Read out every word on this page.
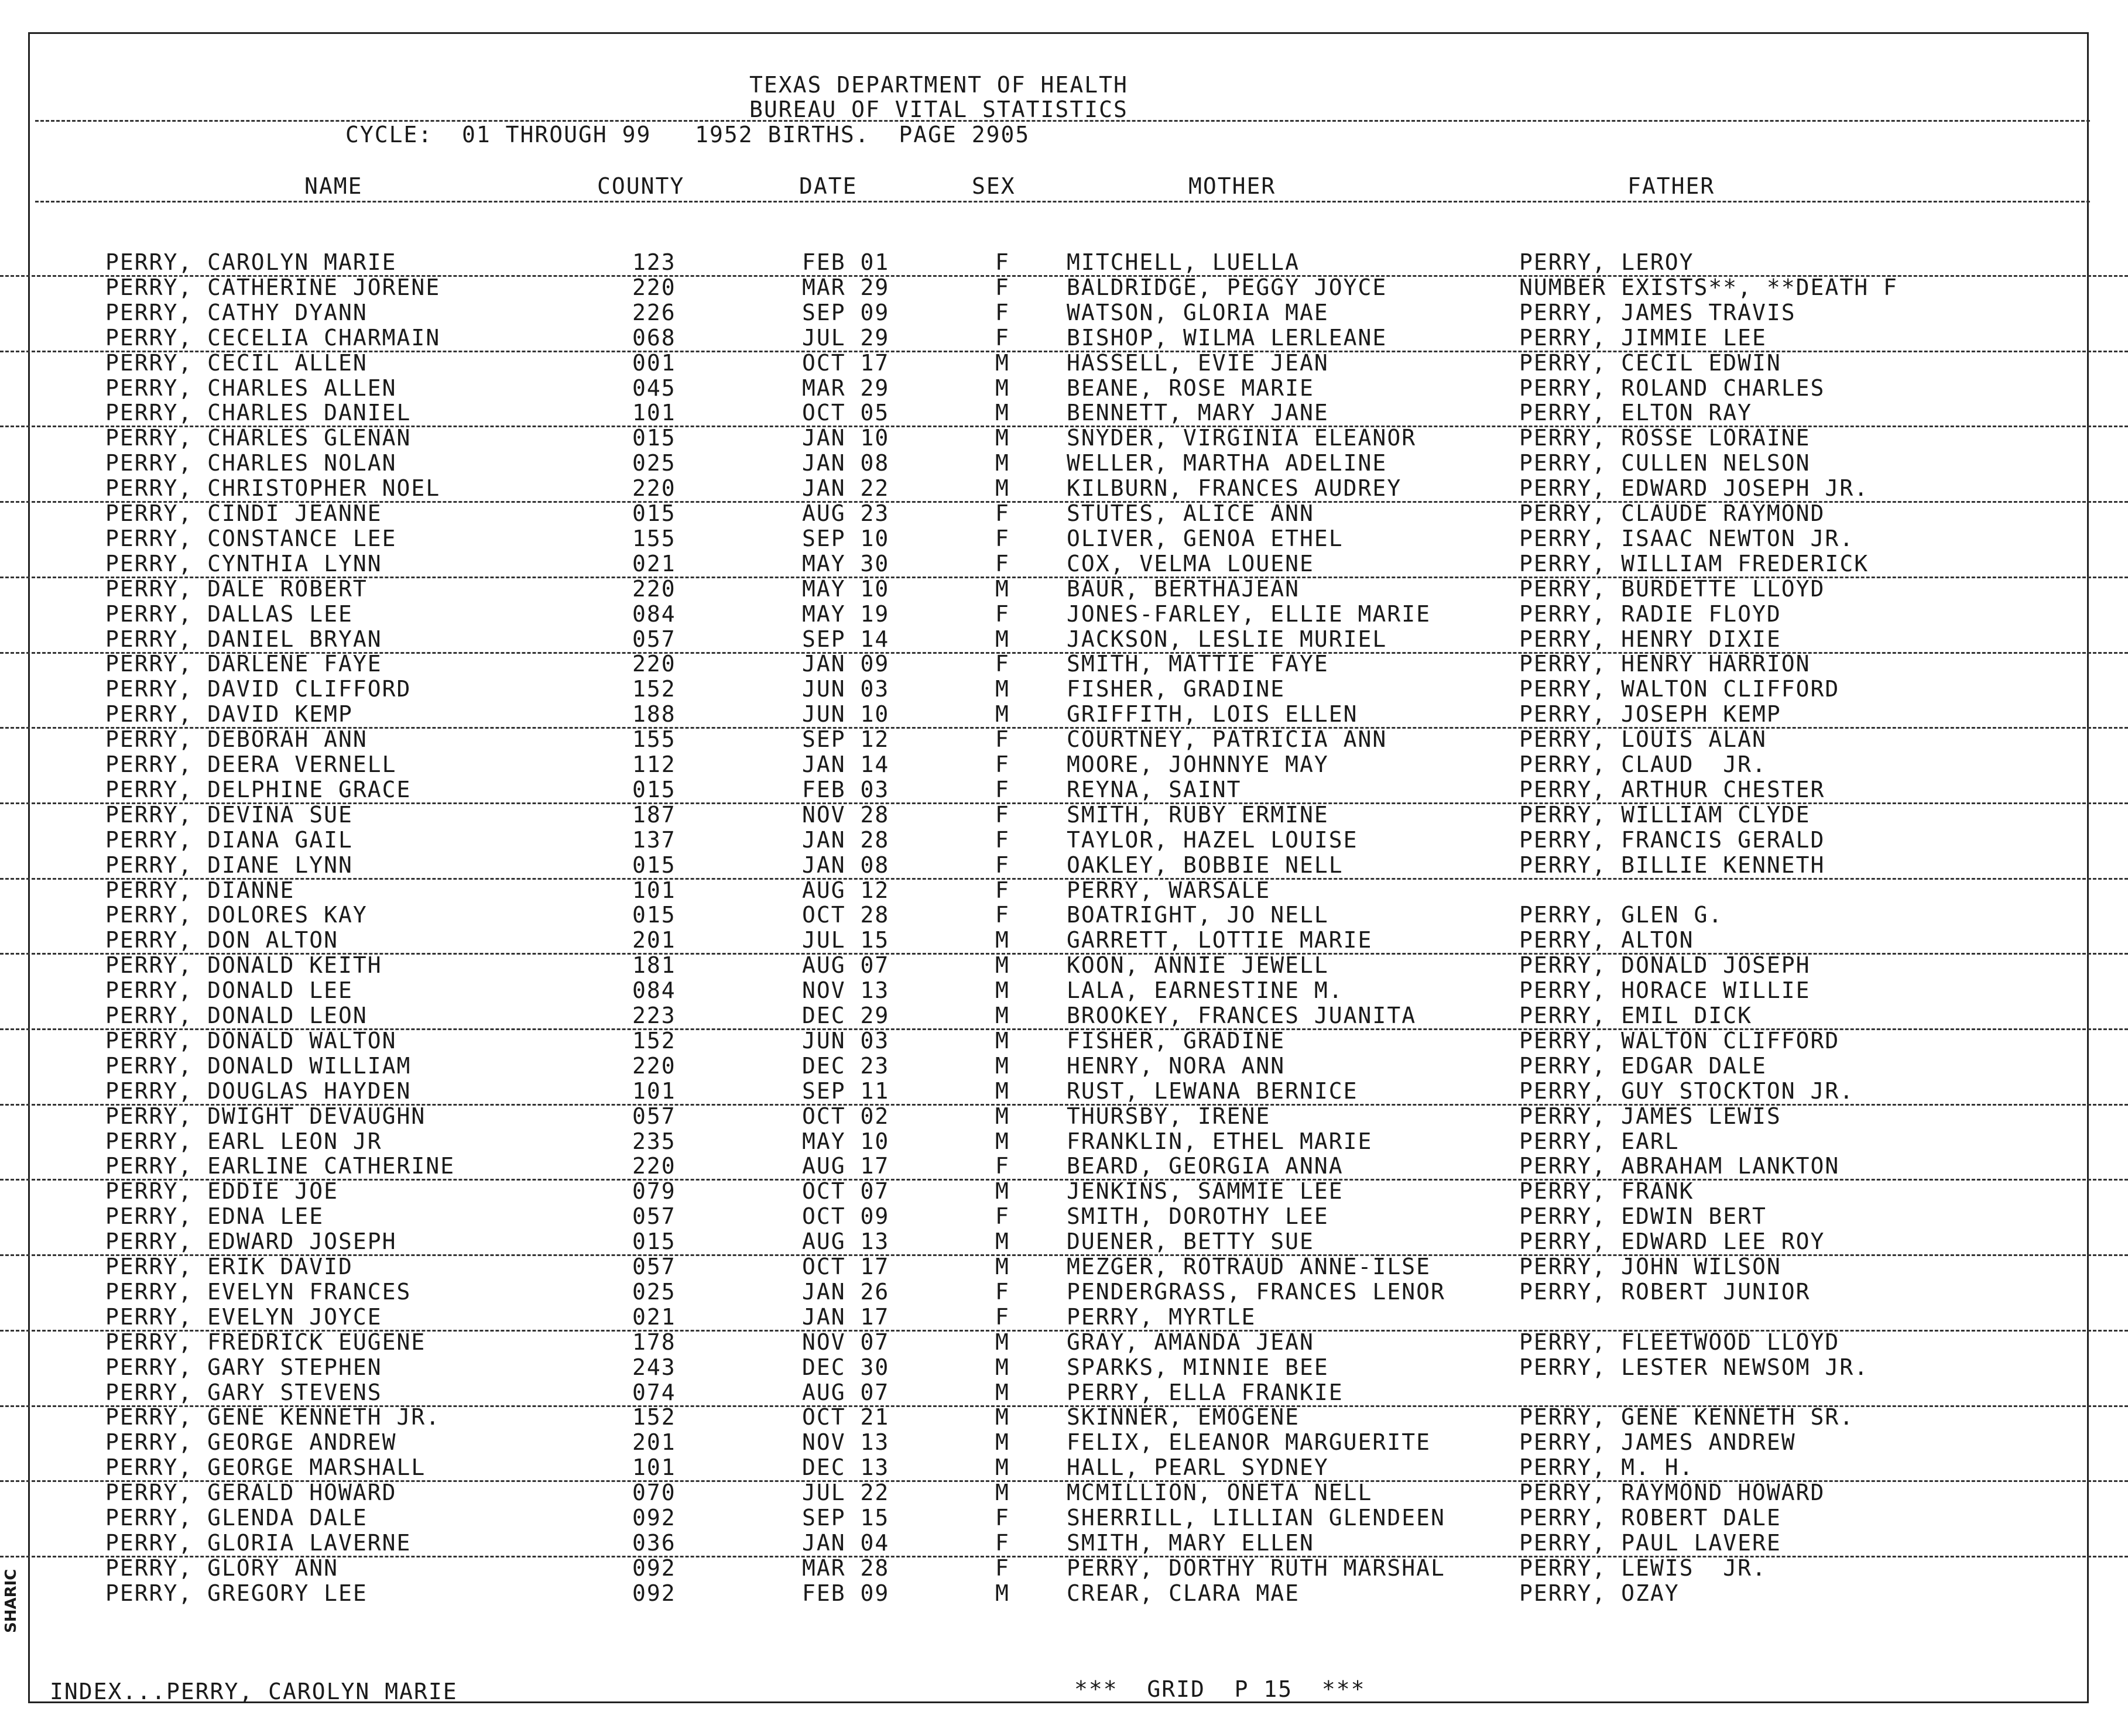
TEXAS DEPARTMENT OF HEALTH
BUREAU OF VITAL STATISTICS
CYCLE:  01 THROUGH 99   1952 BIRTHS.  PAGE 2905
NAME	COUNTY	DATE	SEX	MOTHER	FATHER
PERRY, CAROLYN MARIE	123	FEB 01	F	MITCHELL, LUELLA	PERRY, LEROY
PERRY, CATHERINE JORENE	220	MAR 29	F	BALDRIDGE, PEGGY JOYCE	NUMBER EXISTS**, **DEATH F
PERRY, CATHY DYANN	226	SEP 09	F	WATSON, GLORIA MAE	PERRY, JAMES TRAVIS
PERRY, CECELIA CHARMAIN	068	JUL 29	F	BISHOP, WILMA LERLEANE	PERRY, JIMMIE LEE
PERRY, CECIL ALLEN	001	OCT 17	M	HASSELL, EVIE JEAN	PERRY, CECIL EDWIN
PERRY, CHARLES ALLEN	045	MAR 29	M	BEANE, ROSE MARIE	PERRY, ROLAND CHARLES
PERRY, CHARLES DANIEL	101	OCT 05	M	BENNETT, MARY JANE	PERRY, ELTON RAY
PERRY, CHARLES GLENAN	015	JAN 10	M	SNYDER, VIRGINIA ELEANOR	PERRY, ROSSE LORAINE
PERRY, CHARLES NOLAN	025	JAN 08	M	WELLER, MARTHA ADELINE	PERRY, CULLEN NELSON
PERRY, CHRISTOPHER NOEL	220	JAN 22	M	KILBURN, FRANCES AUDREY	PERRY, EDWARD JOSEPH JR.
PERRY, CINDI JEANNE	015	AUG 23	F	STUTES, ALICE ANN	PERRY, CLAUDE RAYMOND
PERRY, CONSTANCE LEE	155	SEP 10	F	OLIVER, GENOA ETHEL	PERRY, ISAAC NEWTON JR.
PERRY, CYNTHIA LYNN	021	MAY 30	F	COX, VELMA LOUENE	PERRY, WILLIAM FREDERICK
PERRY, DALE ROBERT	220	MAY 10	M	BAUR, BERTHAJEAN	PERRY, BURDETTE LLOYD
PERRY, DALLAS LEE	084	MAY 19	F	JONES-FARLEY, ELLIE MARIE	PERRY, RADIE FLOYD
PERRY, DANIEL BRYAN	057	SEP 14	M	JACKSON, LESLIE MURIEL	PERRY, HENRY DIXIE
PERRY, DARLENE FAYE	220	JAN 09	F	SMITH, MATTIE FAYE	PERRY, HENRY HARRION
PERRY, DAVID CLIFFORD	152	JUN 03	M	FISHER, GRADINE	PERRY, WALTON CLIFFORD
PERRY, DAVID KEMP	188	JUN 10	M	GRIFFITH, LOIS ELLEN	PERRY, JOSEPH KEMP
PERRY, DEBORAH ANN	155	SEP 12	F	COURTNEY, PATRICIA ANN	PERRY, LOUIS ALAN
PERRY, DEERA VERNELL	112	JAN 14	F	MOORE, JOHNNYE MAY	PERRY, CLAUD  JR.
PERRY, DELPHINE GRACE	015	FEB 03	F	REYNA, SAINT	PERRY, ARTHUR CHESTER
PERRY, DEVINA SUE	187	NOV 28	F	SMITH, RUBY ERMINE	PERRY, WILLIAM CLYDE
PERRY, DIANA GAIL	137	JAN 28	F	TAYLOR, HAZEL LOUISE	PERRY, FRANCIS GERALD
PERRY, DIANE LYNN	015	JAN 08	F	OAKLEY, BOBBIE NELL	PERRY, BILLIE KENNETH
PERRY, DIANNE	101	AUG 12	F	PERRY, WARSALE
PERRY, DOLORES KAY	015	OCT 28	F	BOATRIGHT, JO NELL	PERRY, GLEN G.
PERRY, DON ALTON	201	JUL 15	M	GARRETT, LOTTIE MARIE	PERRY, ALTON
PERRY, DONALD KEITH	181	AUG 07	M	KOON, ANNIE JEWELL	PERRY, DONALD JOSEPH
PERRY, DONALD LEE	084	NOV 13	M	LALA, EARNESTINE M.	PERRY, HORACE WILLIE
PERRY, DONALD LEON	223	DEC 29	M	BROOKEY, FRANCES JUANITA	PERRY, EMIL DICK
PERRY, DONALD WALTON	152	JUN 03	M	FISHER, GRADINE	PERRY, WALTON CLIFFORD
PERRY, DONALD WILLIAM	220	DEC 23	M	HENRY, NORA ANN	PERRY, EDGAR DALE
PERRY, DOUGLAS HAYDEN	101	SEP 11	M	RUST, LEWANA BERNICE	PERRY, GUY STOCKTON JR.
PERRY, DWIGHT DEVAUGHN	057	OCT 02	M	THURSBY, IRENE	PERRY, JAMES LEWIS
PERRY, EARL LEON JR	235	MAY 10	M	FRANKLIN, ETHEL MARIE	PERRY, EARL
PERRY, EARLINE CATHERINE	220	AUG 17	F	BEARD, GEORGIA ANNA	PERRY, ABRAHAM LANKTON
PERRY, EDDIE JOE	079	OCT 07	M	JENKINS, SAMMIE LEE	PERRY, FRANK
PERRY, EDNA LEE	057	OCT 09	F	SMITH, DOROTHY LEE	PERRY, EDWIN BERT
PERRY, EDWARD JOSEPH	015	AUG 13	M	DUENER, BETTY SUE	PERRY, EDWARD LEE ROY
PERRY, ERIK DAVID	057	OCT 17	M	MEZGER, ROTRAUD ANNE-ILSE	PERRY, JOHN WILSON
PERRY, EVELYN FRANCES	025	JAN 26	F	PENDERGRASS, FRANCES LENOR	PERRY, ROBERT JUNIOR
PERRY, EVELYN JOYCE	021	JAN 17	F	PERRY, MYRTLE
PERRY, FREDRICK EUGENE	178	NOV 07	M	GRAY, AMANDA JEAN	PERRY, FLEETWOOD LLOYD
PERRY, GARY STEPHEN	243	DEC 30	M	SPARKS, MINNIE BEE	PERRY, LESTER NEWSOM JR.
PERRY, GARY STEVENS	074	AUG 07	M	PERRY, ELLA FRANKIE
PERRY, GENE KENNETH JR.	152	OCT 21	M	SKINNER, EMOGENE	PERRY, GENE KENNETH SR.
PERRY, GEORGE ANDREW	201	NOV 13	M	FELIX, ELEANOR MARGUERITE	PERRY, JAMES ANDREW
PERRY, GEORGE MARSHALL	101	DEC 13	M	HALL, PEARL SYDNEY	PERRY, M. H.
PERRY, GERALD HOWARD	070	JUL 22	M	MCMILLION, ONETA NELL	PERRY, RAYMOND HOWARD
PERRY, GLENDA DALE	092	SEP 15	F	SHERRILL, LILLIAN GLENDEEN	PERRY, ROBERT DALE
PERRY, GLORIA LAVERNE	036	JAN 04	F	SMITH, MARY ELLEN	PERRY, PAUL LAVERE
PERRY, GLORY ANN	092	MAR 28	F	PERRY, DORTHY RUTH MARSHAL	PERRY, LEWIS  JR.
PERRY, GREGORY LEE	092	FEB 09	M	CREAR, CLARA MAE	PERRY, OZAY
INDEX...PERRY, CAROLYN MARIE	***  GRID  P 15  ***
SHARIC
